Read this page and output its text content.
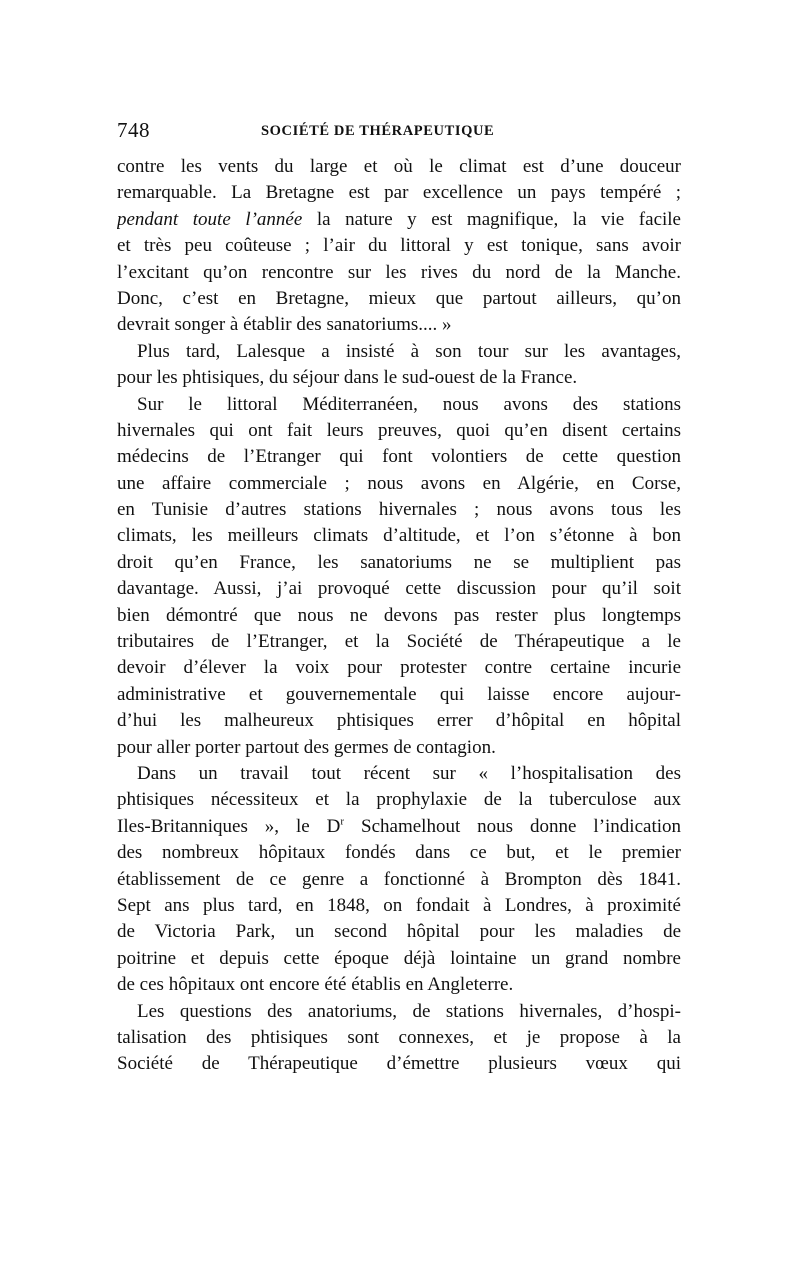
748	SOCIÉTÉ DE THÉRAPEUTIQUE
contre les vents du large et où le climat est d’une douceur
remarquable. La Bretagne est par excellence un pays tempéré ;
pendant toute l’année la nature y est magnifique, la vie facile
et très peu coûteuse ; l’air du littoral y est tonique, sans avoir
l’excitant qu’on rencontre sur les rives du nord de la Manche.
Donc, c’est en Bretagne, mieux que partout ailleurs, qu’on
devrait songer à établir des sanatoriums.... »
Plus tard, Lalesque a insisté à son tour sur les avantages,
pour les phtisiques, du séjour dans le sud-ouest de la France.
Sur le littoral Méditerranéen, nous avons des stations
hivernales qui ont fait leurs preuves, quoi qu’en disent certains
médecins de l’Etranger qui font volontiers de cette question
une affaire commerciale ; nous avons en Algérie, en Corse,
en Tunisie d’autres stations hivernales ; nous avons tous les
climats, les meilleurs climats d’altitude, et l’on s’étonne à bon
droit qu’en France, les sanatoriums ne se multiplient pas
davantage. Aussi, j’ai provoqué cette discussion pour qu’il soit
bien démontré que nous ne devons pas rester plus longtemps
tributaires de l’Etranger, et la Société de Thérapeutique a le
devoir d’élever la voix pour protester contre certaine incurie
administrative et gouvernementale qui laisse encore aujour-
d’hui les malheureux phtisiques errer d’hôpital en hôpital
pour aller porter partout des germes de contagion.
Dans un travail tout récent sur « l’hospitalisation des
phtisiques nécessiteux et la prophylaxie de la tuberculose aux
Iles-Britanniques », le $D^r$ Schamelhout nous donne l’indication
des nombreux hôpitaux fondés dans ce but, et le premier
établissement de ce genre a fonctionné à Brompton dès 1841.
Sept ans plus tard, en 1848, on fondait à Londres, à proximité
de Victoria Park, un second hôpital pour les maladies de
poitrine et depuis cette époque déjà lointaine un grand nombre
de ces hôpitaux ont encore été établis en Angleterre.
Les questions des anatoriums, de stations hivernales, d’hospi-
talisation des phtisiques sont connexes, et je propose à la
Société de Thérapeutique d’émettre plusieurs vœux qui
